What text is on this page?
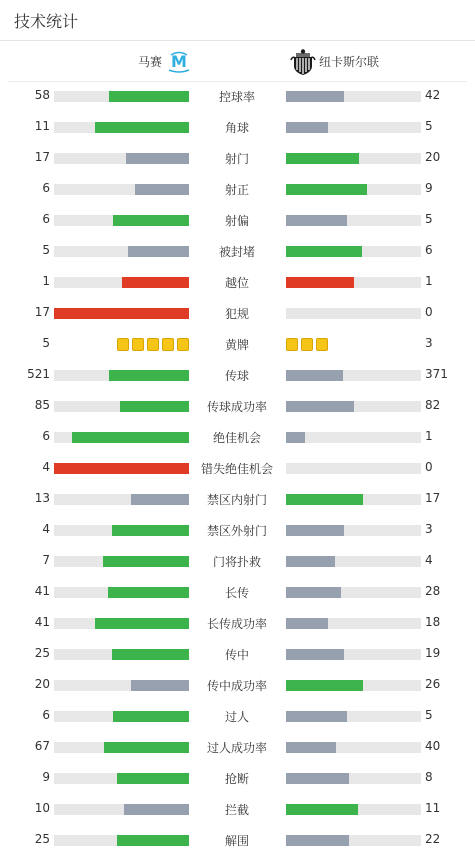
技术统计
马赛 M	纽卡斯尔联
58	控球率	42
11	角球	5
17	射门	20
6	射正	9
6	射偏	5
5	被封堵	6
1	越位	1
17	犯规	0
5	黄牌	3
521	传球	371
85	传球成功率	82
6	绝佳机会	1
4	错失绝佳机会	0
13	禁区内射门	17
4	禁区外射门	3
7	门将扑救	4
41	长传	28
41	长传成功率	18
25	传中	19
20	传中成功率	26
6	过人	5
67	过人成功率	40
9	抢断	8
10	拦截	11
25	解围	22
